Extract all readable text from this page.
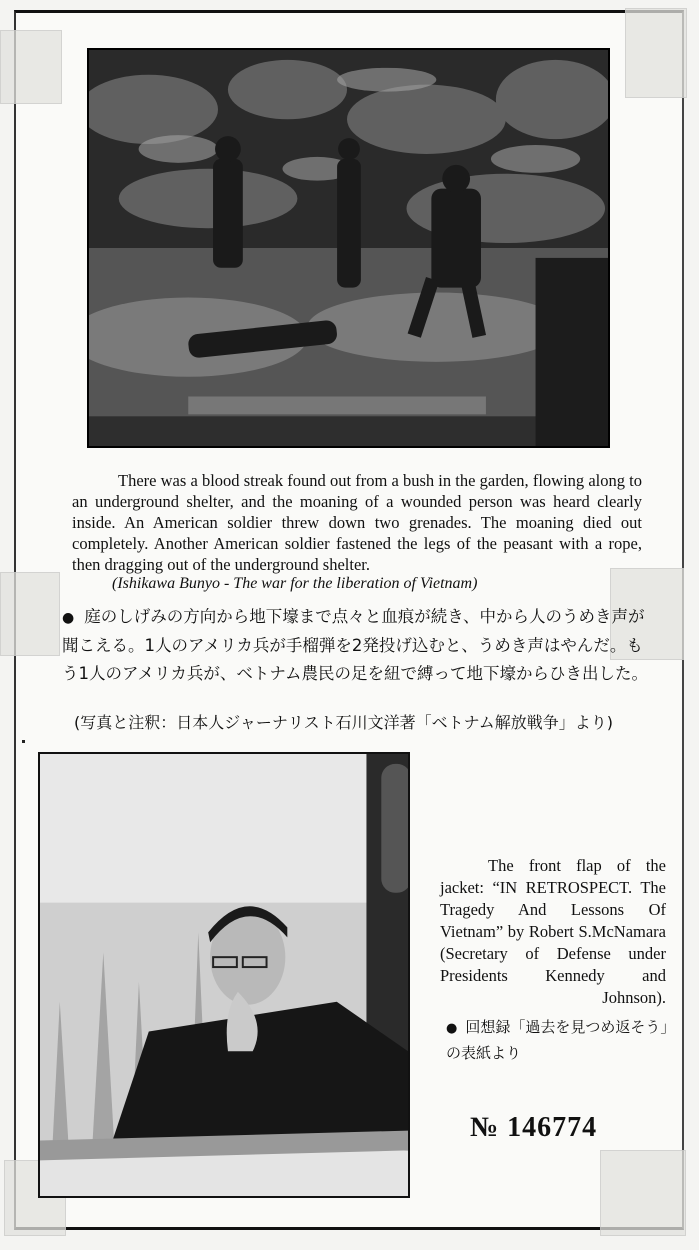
There was a blood streak found out from a bush in the garden, flowing along to an underground shelter, and the moaning of a wounded person was heard clearly inside. An American soldier threw down two grenades. The moaning died out completely. Another American soldier fastened the legs of the peasant with a rope, then dragging out of the underground shelter.

(Ishikawa Bunyo - The war for the liberation of Vietnam)
● 庭のしげみの方向から地下壕まで点々と血痕が続き、中から人のうめき声が聞こえる。1人のアメリカ兵が手榴弾を2発投げ込むと、うめき声はやんだ。もう1人のアメリカ兵が、ベトナム農民の足を紐で縛って地下壕からひき出した。
(写真と注釈：日本人ジャーナリスト石川文洋著「ベトナム解放戦争」より)
The front flap of the jacket: “IN RETROSPECT. The Tragedy And Lessons Of Vietnam” by Robert S.McNamara (Secretary of Defense under Presidents Kennedy and Johnson).
● 回想録「過去を見つめ返そう」の表紙より
№ 146774
